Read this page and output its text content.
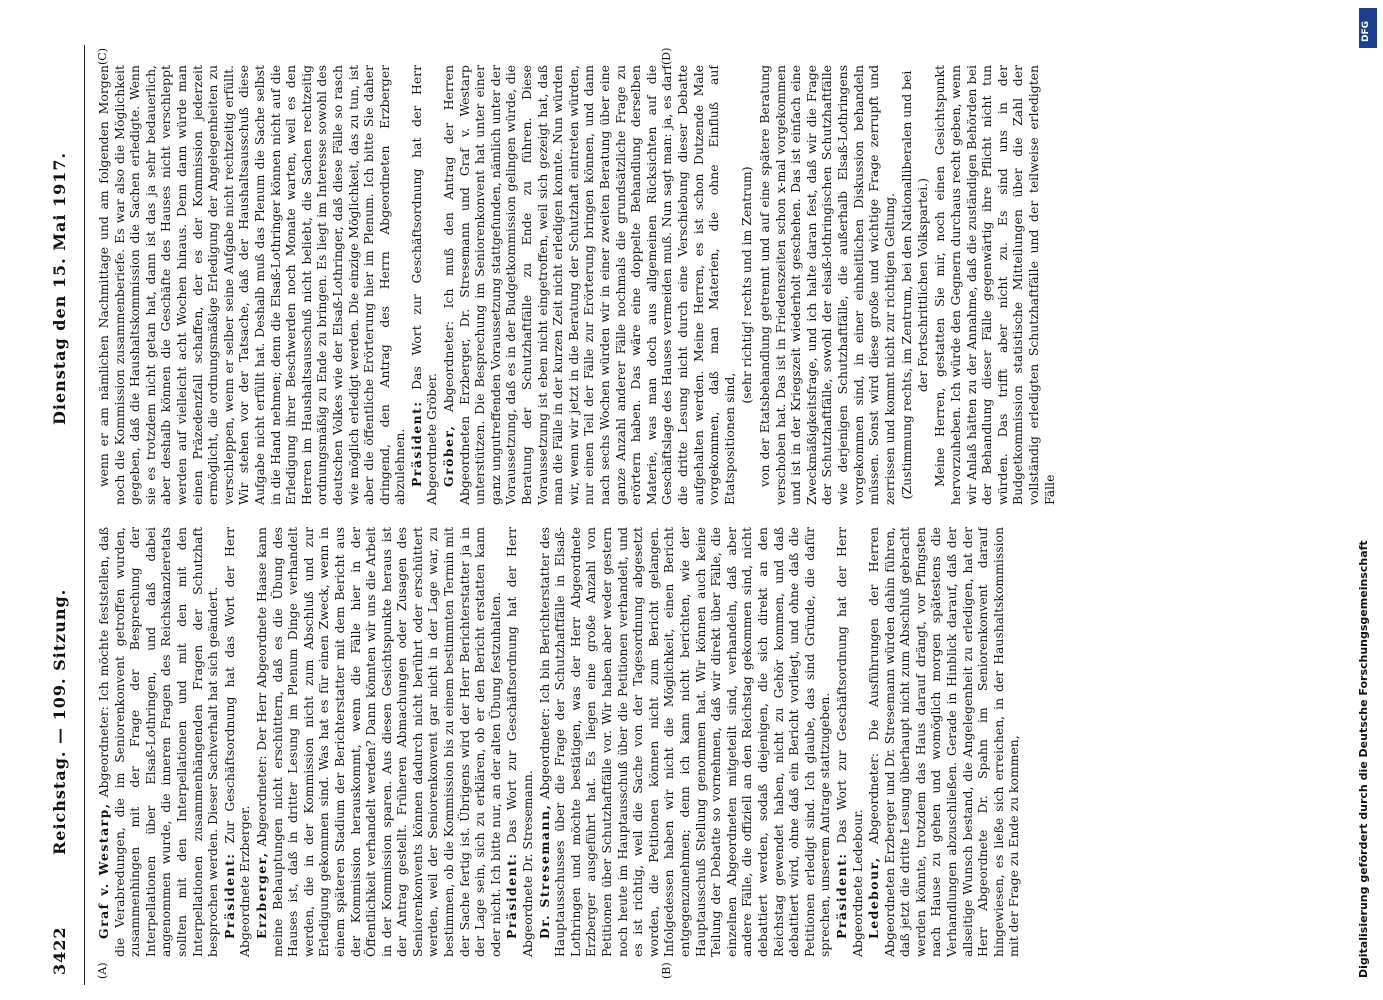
3422
Reichstag. — 109. Sitzung.
Dienstag den 15. Mai 1917.
(A)	(B)
(C)	(D)

Graf v. Westarp, Abgeordneter: Ich möchte feststellen, daß die Verabredungen, die im Seniorenkonvent getroffen wurden, zusammenhingen mit der Frage der Besprechung der Interpellationen über Elsaß-Lothringen, und daß dabei angenommen wurde, die inneren Fragen des Reichskanzleretats sollten mit den Interpellationen und mit den mit den Interpellationen zusammenhängenden Fragen der Schutzhaft besprochen werden. Dieser Sachverhalt hat sich geändert. Präsident: Zur Geschäftsordnung hat das Wort der Herr Abgeordnete Erzberger. Erzberger, Abgeordneter: Der Herr Abgeordnete Haase kann meine Behauptungen nicht erschüttern, daß es die Übung des Hauses ist, daß in dritter Lesung im Plenum Dinge verhandelt werden, die in der Kommission nicht zum Abschluß und zur Erledigung gekommen sind. Was hat es für einen Zweck, wenn in einem späteren Stadium der Berichterstatter mit dem Bericht aus der Kommission herauskommt, wenn die Fälle hier in der Öffentlichkeit verhandelt werden? Dann könnten wir uns die Arbeit in der Kommission sparen. Aus diesen Gesichtspunkte heraus ist der Antrag gestellt. Früheren Abmachungen oder Zusagen des Seniorenkonvents können dadurch nicht berührt oder erschüttert werden, weil der Seniorenkonvent gar nicht in der Lage war, zu bestimmen, ob die Kommission bis zu einem bestimmten Termin mit der Sache fertig ist. Übrigens wird der Herr Berichterstatter ja in der Lage sein, sich zu erklären, ob er den Bericht erstatten kann oder nicht. Ich bitte nur, an der alten Übung festzuhalten. Präsident: Das Wort zur Geschäftsordnung hat der Herr Abgeordnete Dr. Stresemann. Dr. Stresemann, Abgeordneter: Ich bin Berichterstatter des Hauptausschusses über die Frage der Schutzhaftfälle in Elsaß-Lothringen und möchte bestätigen, was der Herr Abgeordnete Erzberger ausgeführt hat. Es liegen eine große Anzahl von Petitionen über Schutzhaftfälle vor. Wir haben aber weder gestern noch heute im Hauptausschuß über die Petitionen verhandelt, und es ist richtig, weil die Sache von der Tagesordnung abgesetzt worden, die Petitionen können nicht zum Bericht gelangen. Infolgedessen haben wir nicht die Möglichkeit, einen Bericht entgegenzunehmen; denn ich kann nicht berichten, wie der Hauptausschuß Stellung genommen hat. Wir können auch keine Teilung der Debatte so vornehmen, daß wir direkt über Fälle, die einzelnen Abgeordneten mitgeteilt sind, verhandeln, daß aber andere Fälle, die offiziell an den Reichstag gekommen sind, nicht debattiert werden, sodaß diejenigen, die sich direkt an den Reichstag gewendet haben, nicht zu Gehör kommen, und daß debattiert wird, ohne daß ein Bericht vorliegt, und ohne daß die Petitionen erledigt sind. Ich glaube, das sind Gründe, die dafür sprechen, unserem Antrage stattzugeben. Präsident: Das Wort zur Geschäftsordnung hat der Herr Abgeordnete Ledebour. Ledebour, Abgeordneter: Die Ausführungen der Herren Abgeordneten Erzberger und Dr. Stresemann würden dahin führen, daß jetzt die dritte Lesung überhaupt nicht zum Abschluß gebracht werden könnte, trotzdem das Haus darauf drängt, vor Pfingsten nach Hause zu gehen und womöglich morgen spätestens die Verhandlungen abzuschließen. Gerade in Hinblick darauf, daß der allseitige Wunsch bestand, die Angelegenheit zu erledigen, hat der Herr Abgeordnete Dr. Spahn im Seniorenkonvent darauf hingewiesen, es ließe sich erreichen, in der Haushaltskommission mit der Frage zu Ende zu kommen,

wenn er am nämlichen Nachmittage und am folgenden Morgen noch die Kommission zusammenberiefe. Es war also die Möglichkeit gegeben, daß die Haushaltskommission die Sachen erledigte. Wenn sie es trotzdem nicht getan hat, dann ist das ja sehr bedauerlich, aber deshalb können die Geschäfte des Hauses nicht verschleppt werden auf vielleicht acht Wochen hinaus. Denn dann würde man einen Präzedenzfall schaffen, der es der Kommission jederzeit ermöglicht, die ordnungsmäßige Erledigung der Angelegenheiten zu verschleppen, wenn er selber seine Aufgabe nicht rechtzeitig erfüllt. Wir stehen vor der Tatsache, daß der Haushaltsausschuß diese Aufgabe nicht erfüllt hat. Deshalb muß das Plenum die Sache selbst in die Hand nehmen; denn die Elsaß-Lothringer können nicht auf die Erledigung ihrer Beschwerden noch Monate warten, weil es den Herren im Haushaltsausschuß nicht beliebt, die Sachen rechtzeitig ordnungsmäßig zu Ende zu bringen. Es liegt im Interesse sowohl des deutschen Volkes wie der Elsaß-Lothringer, daß diese Fälle so rasch wie möglich erledigt werden. Die einzige Möglichkeit, das zu tun, ist aber die öffentliche Erörterung hier im Plenum. Ich bitte Sie daher dringend, den Antrag des Herrn Abgeordneten Erzberger abzulehnen. Präsident: Das Wort zur Geschäftsordnung hat der Herr Abgeordnete Gröber. Gröber, Abgeordneter: Ich muß den Antrag der Herren Abgeordneten Erzberger, Dr. Stresemann und Graf v. Westarp unterstützen. Die Besprechung im Seniorenkonvent hat unter einer ganz ungutreffenden Voraussetzung stattgefunden, nämlich unter der Voraussetzung, daß es in der Budgetkommission gelingen würde, die Beratung der Schutzhaftfälle zu Ende zu führen. Diese Voraussetzung ist eben nicht eingetroffen, weil sich gezeigt hat, daß man die Fälle in der kurzen Zeit nicht erledigen konnte. Nun würden wir, wenn wir jetzt in die Beratung der Schutzhaft eintreten würden, nur einen Teil der Fälle zur Erörterung bringen können, und dann nach sechs Wochen würden wir in einer zweiten Beratung über eine ganze Anzahl anderer Fälle nochmals die grundsätzliche Frage zu erörtern haben. Das wäre eine doppelte Behandlung derselben Materie, was man doch aus allgemeinen Rücksichten auf die Geschäftslage des Hauses vermeiden muß. Nun sagt man: ja, es darf die dritte Lesung nicht durch eine Verschiebung dieser Debatte aufgehalten werden. Meine Herren, es ist schon Dutzende Male vorgekommen, daß man Materien, die ohne Einfluß auf Etatspositionen sind,

(sehr richtig! rechts und im Zentrum) von der Etatsbehandlung getrennt und auf eine spätere Beratung verschoben hat. Das ist in Friedenszeiten schon x-mal vorgekommen und ist in der Kriegszeit wiederholt geschehen. Das ist einfach eine Zweckmäßigkeitsfrage, und ich halte daran fest, daß wir die Frage der Schutzhaftfälle, sowohl der elsaß-lothringischen Schutzhaftfälle wie derjenigen Schutzhaftfälle, die außerhalb Elsaß-Lothringens vorgekommen sind, in einer einheitlichen Diskussion behandeln müssen. Sonst wird diese große und wichtige Frage zerrupft und zerrissen und kommt nicht zur richtigen Geltung. (Zustimmung rechts, im Zentrum, bei den Nationalliberalen und bei der Fortschrittlichen Volkspartei.) Meine Herren, gestatten Sie mir, noch einen Gesichtspunkt hervorzuheben. Ich würde den Gegnern durchaus recht geben, wenn wir Anlaß hätten zu der Annahme, daß die zuständigen Behörden bei der Behandlung dieser Fälle gegenwärtig ihre Pflicht nicht tun würden. Das trifft aber nicht zu. Es sind uns in der Budgetkommission statistische Mitteilungen über die Zahl der vollständig erledigten Schutzhaftfälle und der teilweise erledigten Fälle

Digitalisierung gefördert durch die Deutsche Forschungsgemeinschaft
DFG
